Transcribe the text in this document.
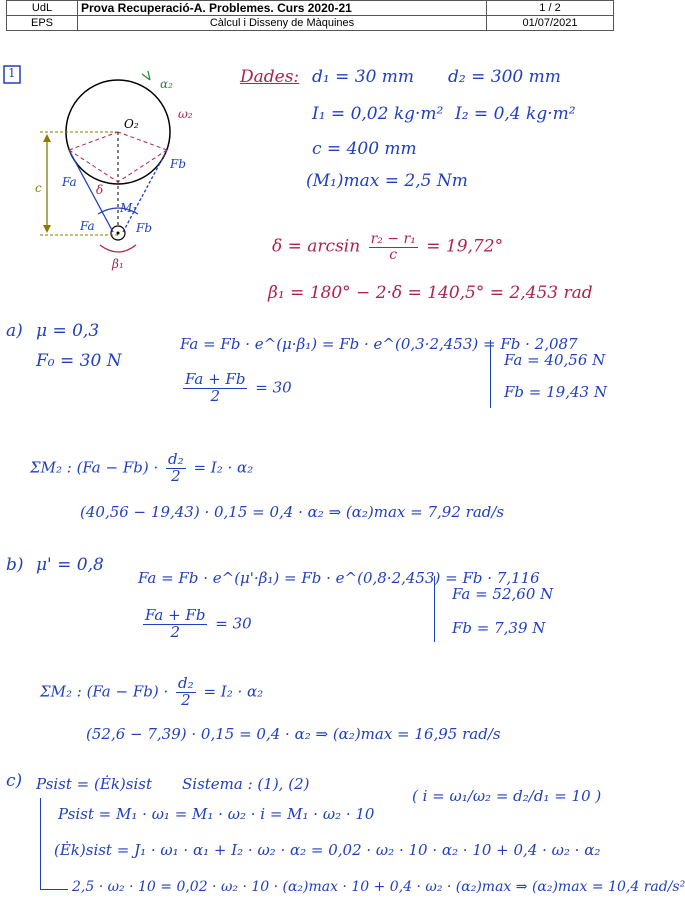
UdL	Prova Recuperació-A. Problemes. Curs 2020-21	1 / 2
EPS	Càlcul i Disseny de Màquines	01/07/2021
1
O₂
α₂
ω₂
Fb
Fa
c	δ
M₁
Fa	Fb
β₁
Dades: d₁ = 30 mm d₂ = 300 mm
I₁ = 0,02 kg·m² I₂ = 0,4 kg·m²
c = 400 mm
(M₁)max = 2,5 Nm
$\delta = \arcsin \frac{\text{r₂ − r₁}}{c} = 19,72^\circ$
β₁ = 180° − 2·δ = 140,5° = 2,453 rad
a) μ = 0,3
F₀ = 30 N
Fa = Fb · e^(μ·β₁) = Fb · e^(0,3·2,453) = Fb · 2,087
$\frac{Fa + Fb}{2} = 30$
Fa = 40,56 N
Fb = 19,43 N
ΣM₂ : $(Fa - Fb) \cdot \frac{\text{d₂}}{2} = I_2 \cdot \alpha_2$
(40,56 − 19,43) · 0,15 = 0,4 · α₂ ⇒ (α₂)max = 7,92 rad/s
b) μ' = 0,8
Fa = Fb · e^(μ'·β₁) = Fb · e^(0,8·2,453) = Fb · 7,116
$\frac{Fa + Fb}{2} = 30$
Fa = 52,60 N
Fb = 7,39 N
ΣM₂ : $(Fa - Fb) \cdot \frac{\text{d₂}}{2} = I_2 \cdot \alpha_2$
(52,6 − 7,39) · 0,15 = 0,4 · α₂ ⇒ (α₂)max = 16,95 rad/s
c) Psist = (Ėk)sist Sistema : (1), (2)
( i = ω₁/ω₂ = d₂/d₁ = 10 )
Psist = M₁ · ω₁ = M₁ · ω₂ · i = M₁ · ω₂ · 10
(Ėk)sist = J₁ · ω₁ · α₁ + I₂ · ω₂ · α₂ = 0,02 · ω₂ · 10 · α₂ · 10 + 0,4 · ω₂ · α₂
2,5 · ω₂ · 10 = 0,02 · ω₂ · 10 · (α₂)max · 10 + 0,4 · ω₂ · (α₂)max ⇒ (α₂)max = 10,4 rad/s²
